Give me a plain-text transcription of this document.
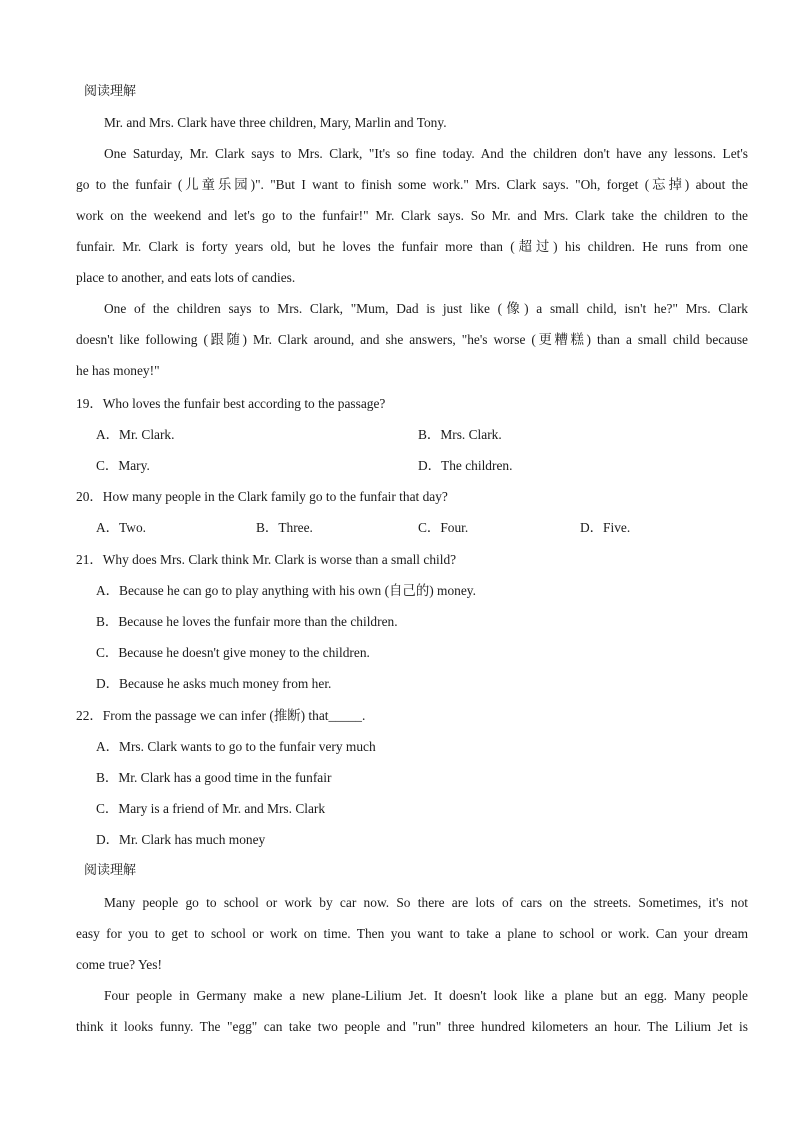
阅读理解
Mr. and Mrs. Clark have three children, Mary, Marlin and Tony.
One Saturday, Mr. Clark says to Mrs. Clark, "It's so fine today. And the children don't have any lessons. Let's
go to the funfair (儿童乐园)". "But I want to finish some work." Mrs. Clark says. "Oh, forget (忘掉) about the
work on the weekend and let's go to the funfair!" Mr. Clark says. So Mr. and Mrs. Clark take the children to the
funfair. Mr. Clark is forty years old, but he loves the funfair more than (超过) his children. He runs from one
place to another, and eats lots of candies.
One of the children says to Mrs. Clark, "Mum, Dad is just like (像) a small child, isn't he?" Mrs. Clark
doesn't like following (跟随) Mr. Clark around, and she answers, "he's worse (更糟糕) than a small child because
he has money!"
19．Who loves the funfair best according to the passage?
A．Mr. Clark.	B．Mrs. Clark.
C．Mary.	D．The children.
20．How many people in the Clark family go to the funfair that day?
A．Two.	B．Three.	C．Four.	D．Five.
21．Why does Mrs. Clark think Mr. Clark is worse than a small child?
A．Because he can go to play anything with his own (自己的) money.
B．Because he loves the funfair more than the children.
C．Because he doesn't give money to the children.
D．Because he asks much money from her.
22．From the passage we can infer (推断) that_____.
A．Mrs. Clark wants to go to the funfair very much
B．Mr. Clark has a good time in the funfair
C．Mary is a friend of Mr. and Mrs. Clark
D．Mr. Clark has much money
阅读理解
Many people go to school or work by car now. So there are lots of cars on the streets. Sometimes, it's not
easy for you to get to school or work on time. Then you want to take a plane to school or work. Can your dream
come true? Yes!
Four people in Germany make a new plane-Lilium Jet. It doesn't look like a plane but an egg. Many people
think it looks funny. The "egg" can take two people and "run" three hundred kilometers an hour. The Lilium Jet is
